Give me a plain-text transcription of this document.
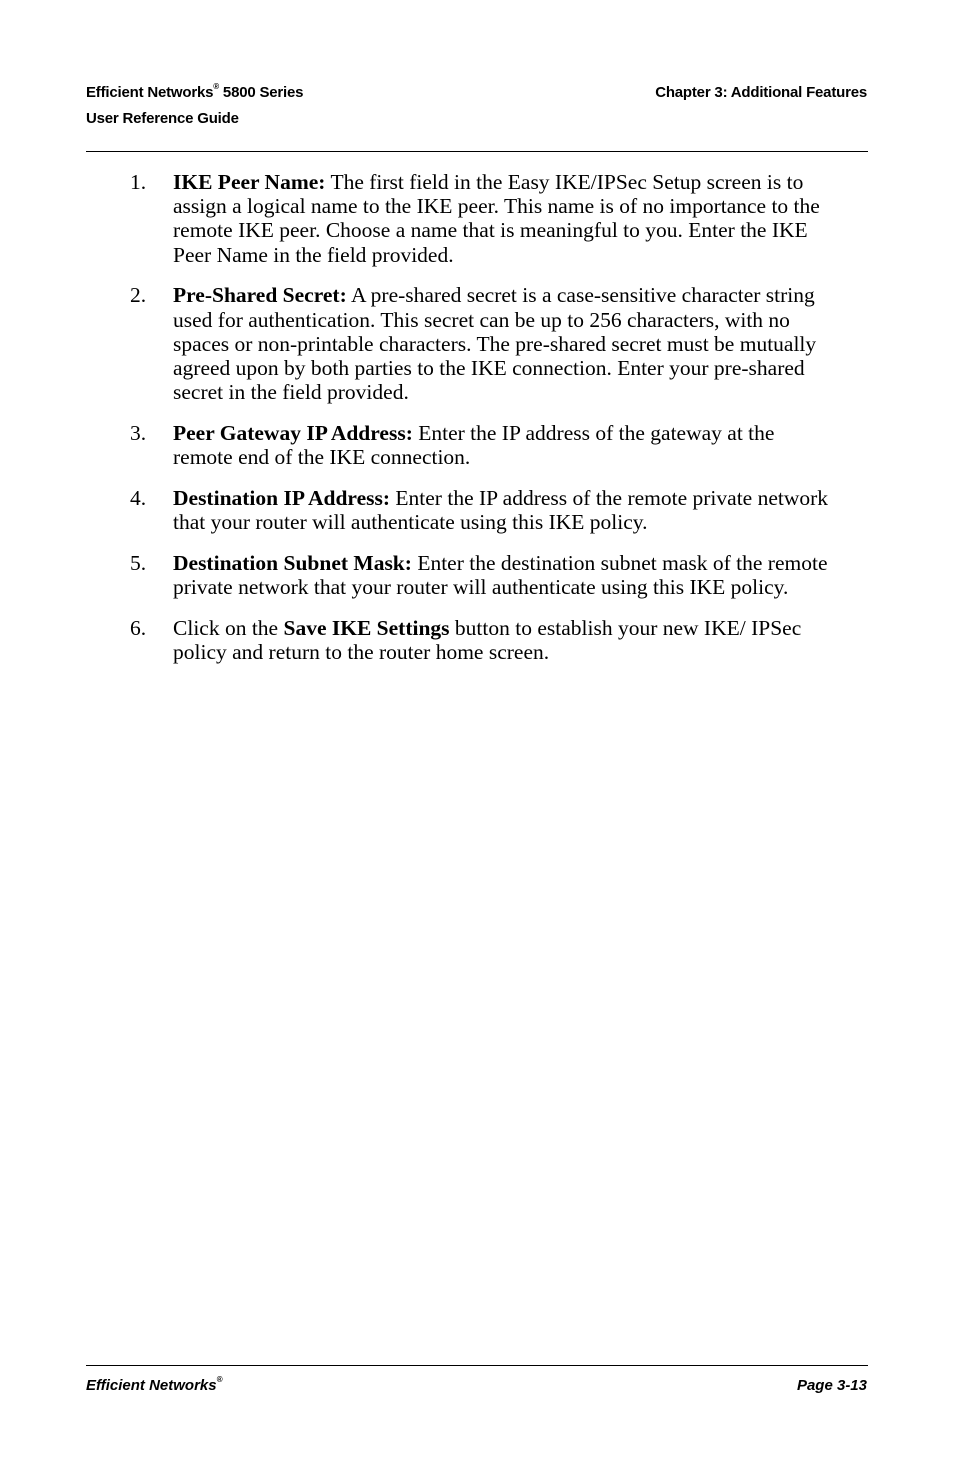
Efficient Networks® 5800 Series
User Reference Guide
Chapter 3: Additional Features
1. IKE Peer Name: The first field in the Easy IKE/IPSec Setup screen is to assign a logical name to the IKE peer. This name is of no importance to the remote IKE peer. Choose a name that is meaningful to you. Enter the IKE Peer Name in the field provided.
2. Pre-Shared Secret: A pre-shared secret is a case-sensitive character string used for authentication. This secret can be up to 256 characters, with no spaces or non-printable characters. The pre-shared secret must be mutually agreed upon by both parties to the IKE connection. Enter your pre-shared secret in the field provided.
3. Peer Gateway IP Address: Enter the IP address of the gateway at the remote end of the IKE connection.
4. Destination IP Address: Enter the IP address of the remote private network that your router will authenticate using this IKE policy.
5. Destination Subnet Mask: Enter the destination subnet mask of the remote private network that your router will authenticate using this IKE policy.
6. Click on the Save IKE Settings button to establish your new IKE/ IPSec policy and return to the router home screen.
Efficient Networks®	Page 3-13
